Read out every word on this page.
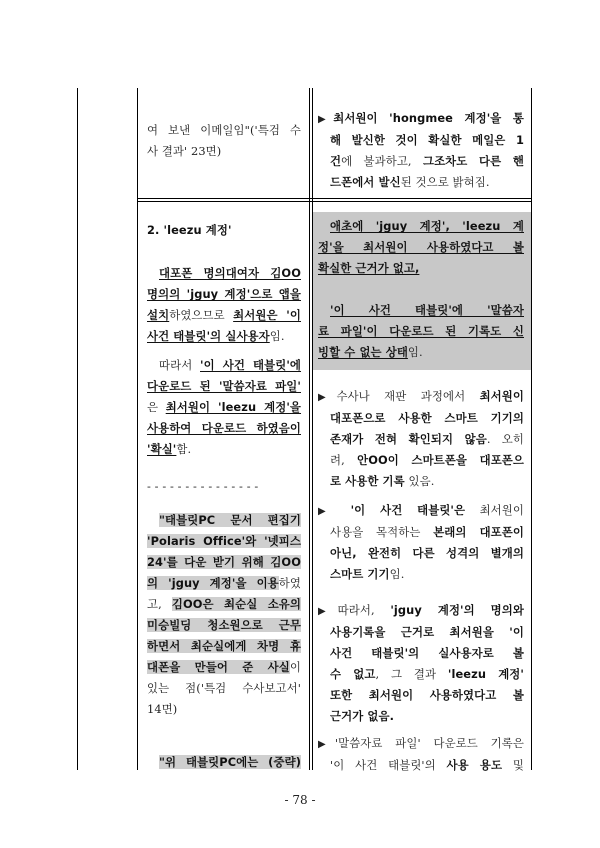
여 보낸 이메일임"('특검 수
사 결과' 23면)
2. 'leezu 계정'
대포폰 명의대여자 김OO
명의의 'jguy 계정'으로 앱을
설치하였으므로 최서원은 '이
사건 태블릿'의 실사용자임.
따라서 '이 사건 태블릿'에
다운로드 된 '말씀자료 파일'
은 최서원이 'leezu 계정'을
사용하여 다운로드 하였음이
'확실'함.
- - - - - - - - - - - - - - -
"태블릿PC 문서 편집기
'Polaris Office'와 '넷피스
24'를 다운 받기 위해 김OO
의 'jguy 계정'을 이용하였
고, 김OO은 최순실 소유의
미승빌딩 청소원으로 근무
하면서 최순실에게 차명 휴
대폰을 만들어 준 사실이
있는 점('특검 수사보고서'
14면)
"위 태블릿PC에는 (중략)
▶최서원이 'hongmee 계정'을 통
해 발신한 것이 확실한 메일은 1
건에 불과하고, 그조차도 다른 핸
드폰에서 발신된 것으로 밝혀짐.
애초에 'jguy 계정', 'leezu 계
정'을 최서원이 사용하였다고 볼
확실한 근거가 없고,
'이 사건 태블릿'에 '말씀자
료 파일'이 다운로드 된 기록도 신
빙할 수 없는 상태임.
▶수사나 재판 과정에서 최서원이
대포폰으로 사용한 스마트 기기의
존재가 전혀 확인되지 않음. 오히
려, 안OO이 스마트폰을 대포폰으
로 사용한 기록 있음.
▶ '이 사건 태블릿'은 최서원이
사용을 목적하는 본래의 대포폰이
아닌, 완전히 다른 성격의 별개의
스마트 기기임.
▶따라서, 'jguy 계정'의 명의와
사용기록을 근거로 최서원을 '이
사건 태블릿'의 실사용자로 볼
수 없고, 그 결과 'leezu 계정'
또한 최서원이 사용하였다고 볼
근거가 없음.
▶'말씀자료 파일' 다운로드 기록은
'이 사건 태블릿'의 사용 용도 및
- 78 -
